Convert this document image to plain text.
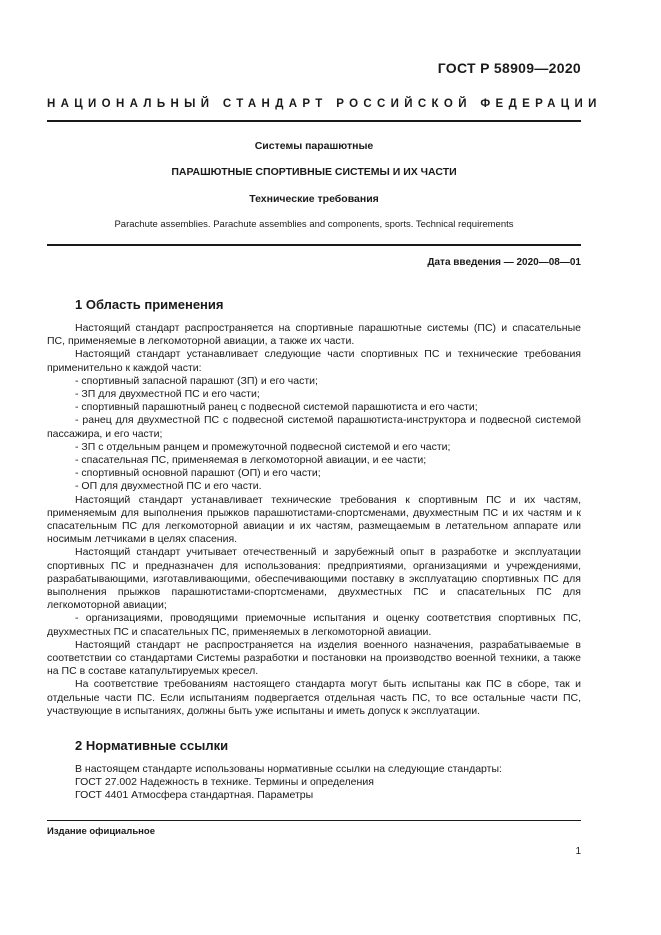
ГОСТ Р 58909—2020
НАЦИОНАЛЬНЫЙ СТАНДАРТ РОССИЙСКОЙ ФЕДЕРАЦИИ
Системы парашютные
ПАРАШЮТНЫЕ СПОРТИВНЫЕ СИСТЕМЫ И ИХ ЧАСТИ
Технические требования
Parachute assemblies. Parachute assemblies and components, sports. Technical requirements
Дата введения — 2020—08—01
1 Область применения

Настоящий стандарт распространяется на спортивные парашютные системы (ПС) и спасательные ПС, применяемые в легкомоторной авиации, а также их части.

Настоящий стандарт устанавливает следующие части спортивных ПС и технические требования применительно к каждой части:

- спортивный запасной парашют (ЗП) и его части;

- ЗП для двухместной ПС и его части;

- спортивный парашютный ранец с подвесной системой парашютиста и его части;

- ранец для двухместной ПС с подвесной системой парашютиста-инструктора и подвесной системой пассажира, и его части;

- ЗП с отдельным ранцем и промежуточной подвесной системой и его части;

- спасательная ПС, применяемая в легкомоторной авиации, и ее части;

- спортивный основной парашют (ОП) и его части;

- ОП для двухместной ПС и его части.

Настоящий стандарт устанавливает технические требования к спортивным ПС и их частям, применяемым для выполнения прыжков парашютистами-спортсменами, двухместным ПС и их частям и к спасательным ПС для легкомоторной авиации и их частям, размещаемым в летательном аппарате или носимым летчиками в целях спасения.

Настоящий стандарт учитывает отечественный и зарубежный опыт в разработке и эксплуатации спортивных ПС и предназначен для использования: предприятиями, организациями и учреждениями, разрабатывающими, изготавливающими, обеспечивающими поставку в эксплуатацию спортивных ПС для выполнения прыжков парашютистами-спортсменами, двухместных ПС и спасательных ПС для легкомоторной авиации;

- организациями, проводящими приемочные испытания и оценку соответствия спортивных ПС, двухместных ПС и спасательных ПС, применяемых в легкомоторной авиации.

Настоящий стандарт не распространяется на изделия военного назначения, разрабатываемые в соответствии со стандартами Системы разработки и постановки на производство военной техники, а также на ПС в составе катапультируемых кресел.

На соответствие требованиям настоящего стандарта могут быть испытаны как ПС в сборе, так и отдельные части ПС. Если испытаниям подвергается отдельная часть ПС, то все остальные части ПС, участвующие в испытаниях, должны быть уже испытаны и иметь допуск к эксплуатации.

2 Нормативные ссылки

В настоящем стандарте использованы нормативные ссылки на следующие стандарты:

ГОСТ 27.002 Надежность в технике. Термины и определения

ГОСТ 4401 Атмосфера стандартная. Параметры

Издание официальное
1
